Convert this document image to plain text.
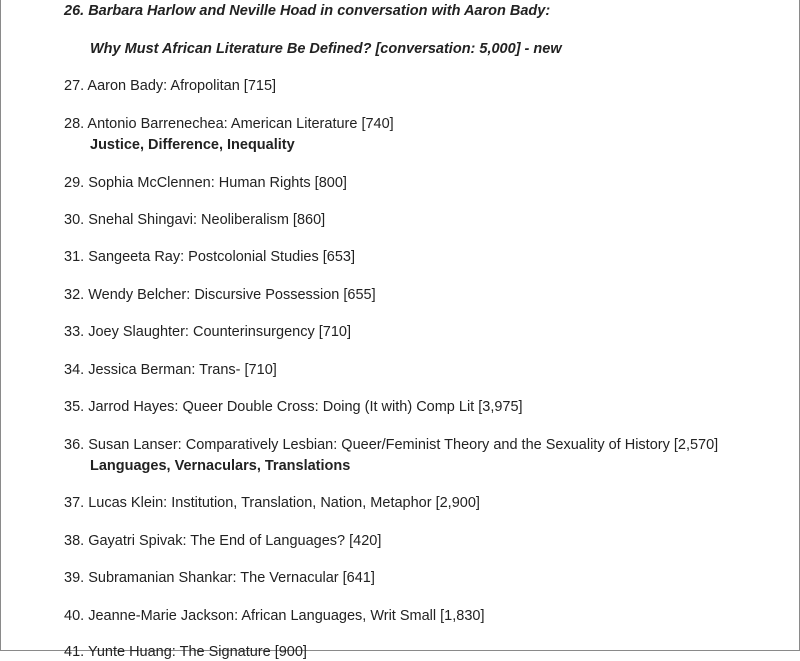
26. Barbara Harlow and Neville Hoad in conversation with Aaron Bady:
Why Must African Literature Be Defined? [conversation: 5,000] - new
27. Aaron Bady: Afropolitan [715]
28. Antonio Barrenechea: American Literature [740]
Justice, Difference, Inequality
29. Sophia McClennen: Human Rights [800]
30. Snehal Shingavi: Neoliberalism [860]
31. Sangeeta Ray: Postcolonial Studies [653]
32. Wendy Belcher: Discursive Possession [655]
33. Joey Slaughter: Counterinsurgency [710]
34. Jessica Berman: Trans- [710]
35. Jarrod Hayes: Queer Double Cross: Doing (It with) Comp Lit [3,975]
36. Susan Lanser: Comparatively Lesbian: Queer/Feminist Theory and the Sexuality of History [2,570]
Languages, Vernaculars, Translations
37. Lucas Klein: Institution, Translation, Nation, Metaphor [2,900]
38. Gayatri Spivak: The End of Languages? [420]
39. Subramanian Shankar: The Vernacular [641]
40. Jeanne-Marie Jackson: African Languages, Writ Small [1,830]
41. Yunte Huang: The Signature [900]
